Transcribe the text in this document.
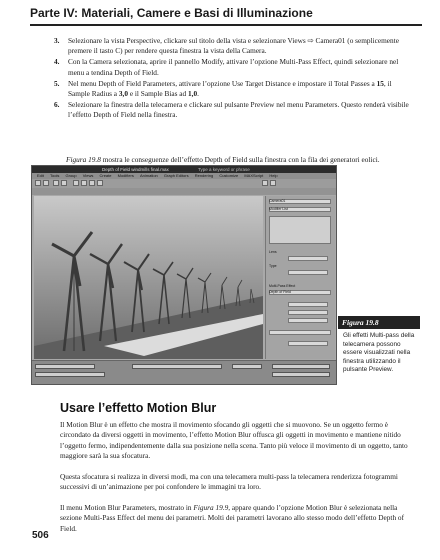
Parte IV: Materiali, Camere e Basi di Illuminazione
3. Selezionare la vista Perspective, clickare sul titolo della vista e selezionare Views ⇨ Camera01 (o semplicemente premere il tasto C) per rendere questa finestra la vista della Camera.
4. Con la Camera selezionata, aprire il pannello Modify, attivare l’opzione Multi-Pass Effect, quindi selezionare nel menu a tendina Depth of Field.
5. Nel menu Depth of Field Parameters, attivare l’opzione Use Target Distance e impostare il Total Passes a 15, il Sample Radius a 3,0 e il Sample Bias ad 1,0.
6. Selezionare la finestra della telecamera e clickare sul pulsante Preview nel menu Parameters. Questo renderà visibile l’effetto Depth of Field nella finestra.

Figura 19.8 mostra le conseguenze dell’effetto Depth of Field sulla finestra con la fila dei generatori eolici.

Depth of Field windmills final.max	Type a keyword or phrase
Edit Tools Group Views Create Modifiers Animation Graph Editors Rendering Customize MAXScript Help
Camera01
Modifier List
Lens
Type
Multi-Pass Effect
Depth of Field
Figura 19.8
Gli effetti Multi-pass della telecamera possono essere visualizzati nella finestra utilizzando il pulsante Preview.
Usare l’effetto Motion Blur

Il Motion Blur è un effetto che mostra il movimento sfocando gli oggetti che si muovono. Se un oggetto fermo è circondato da diversi oggetti in movimento, l’effetto Motion Blur offusca gli oggetti in movimento e mantiene nitido l’oggetto fermo, indipendentemente dalla sua posizione nella scena. Tanto più veloce il movimento di un oggetto, tanto maggiore sarà la sua sfocatura.

Questa sfocatura si realizza in diversi modi, ma con una telecamera multi-pass la telecamera renderizza fotogrammi successivi di un’animazione per poi confondere le immagini tra loro.

Il menu Motion Blur Parameters, mostrato in Figura 19.9, appare quando l’opzione Motion Blur è selezionata nella sezione Multi-Pass Effect del menu dei parametri. Molti dei parametri lavorano allo stesso modo dell’effetto Depth of Field.

506
